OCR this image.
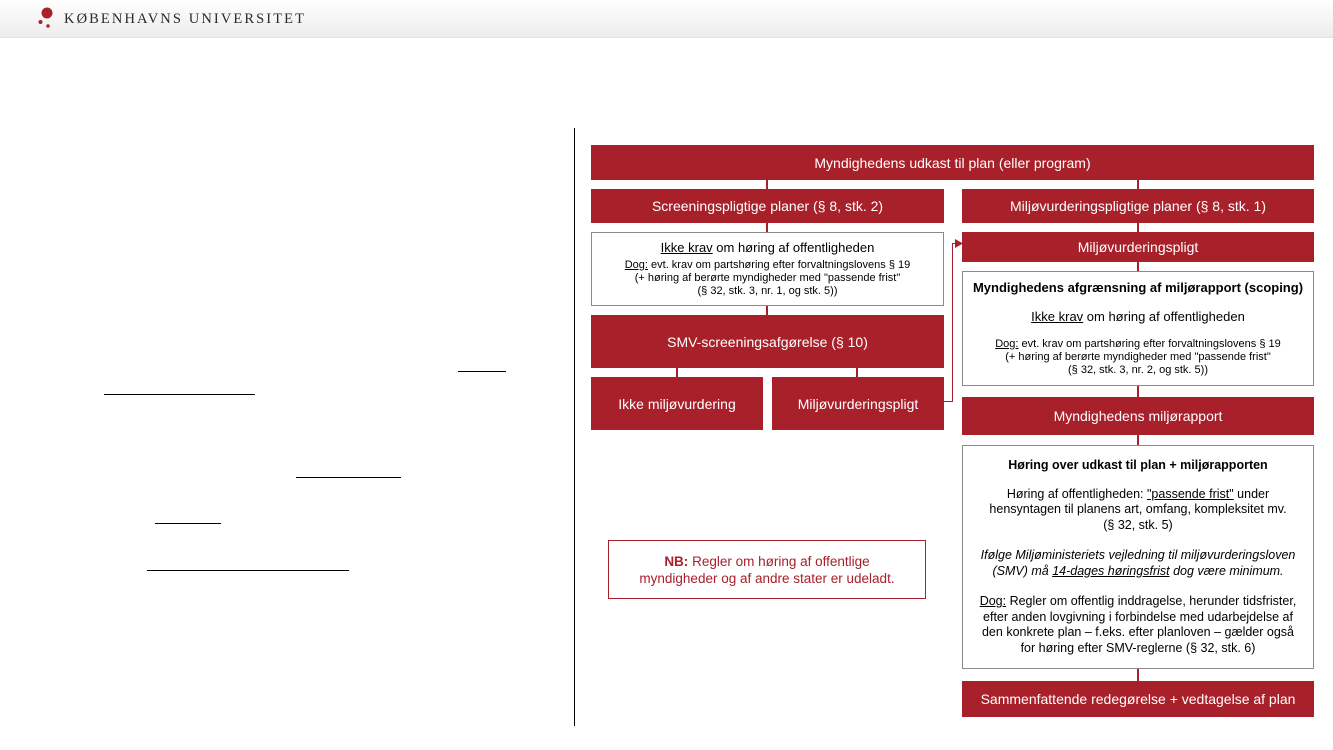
KØBENHAVNS UNIVERSITET
Myndighedens udkast til plan (eller program)
Screeningspligtige planer (§ 8, stk. 2)

Ikke krav om høring af offentligheden

Dog: evt. krav om partshøring efter forvaltningslovens § 19

(+ høring af berørte myndigheder med "passende frist"

(§ 32, stk. 3, nr. 1, og stk. 5))

SMV-screeningsafgørelse (§ 10)
Ikke miljøvurdering	Miljøvurderingspligt

NB: Regler om høring af offentlige
myndigheder og af andre stater er udeladt.

Miljøvurderingspligtige planer (§ 8, stk. 1)
Miljøvurderingspligt

Myndighedens afgrænsning af miljørapport (scoping)

Ikke krav om høring af offentligheden

Dog: evt. krav om partshøring efter forvaltningslovens § 19

(+ høring af berørte myndigheder med "passende frist"

(§ 32, stk. 3, nr. 2, og stk. 5))

Myndighedens miljørapport

Høring over udkast til plan + miljørapporten

Høring af offentligheden: "passende frist" under
hensyntagen til planens art, omfang, kompleksitet mv.
(§ 32, stk. 5)

Ifølge Miljøministeriets vejledning til miljøvurderingsloven
(SMV) må 14-dages høringsfrist dog være minimum.

Dog: Regler om offentlig inddragelse, herunder tidsfrister,
efter anden lovgivning i forbindelse med udarbejdelse af
den konkrete plan – f.eks. efter planloven – gælder også
for høring efter SMV-reglerne (§ 32, stk. 6)

Sammenfattende redegørelse + vedtagelse af plan
